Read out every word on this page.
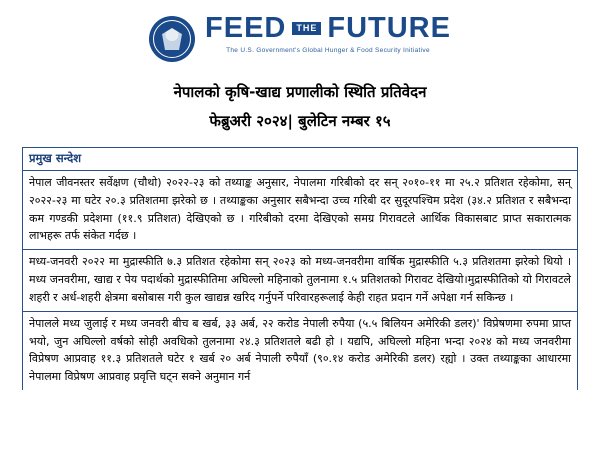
FEED	THE FUTURE
The U.S. Government's Global Hunger & Food Security Initiative
नेपालको कृषि-खाद्य प्रणालीको स्थिति प्रतिवेदन
फेब्रुअरी २०२४| बुलेटिन नम्बर १५
प्रमुख सन्देश
नेपाल जीवनस्तर सर्वेक्षण (चौथो) २०२२-२३ को तथ्याङ्क अनुसार, नेपालमा गरिबीको दर सन् २०१०-११ मा २५.२ प्रतिशत रहेकोमा, सन् २०२२-२३ मा घटेर २०.३ प्रतिशतमा झरेको छ । तथ्याङ्कका अनुसार सबैभन्दा उच्च गरिबी दर सुदूरपश्चिम प्रदेश (३४.२ प्रतिशत र सबैभन्दा कम गण्डकी प्रदेशमा (११.९ प्रतिशत) देखिएको छ । गरिबीको दरमा देखिएको समग्र गिरावटले आर्थिक विकासबाट प्राप्त सकारात्मक लाभहरू तर्फ संकेत गर्दछ ।
मध्य-जनवरी २०२२ मा मुद्रास्फीति ७.३ प्रतिशत रहेकोमा सन् २०२३ को मध्य-जनवरीमा वार्षिक मुद्रास्फीति ५.३ प्रतिशतमा झरेको थियो । मध्य जनवरीमा, खाद्य र पेय पदार्थको मुद्रास्फीतिमा अघिल्लो महिनाको तुलनामा १.५ प्रतिशतको गिरावट देखियो।मुद्रास्फीतिको यो गिरावटले शहरी र अर्ध-शहरी क्षेत्रमा बसोबास गरी कुल खाद्यन्न खरिद गर्नुपर्ने परिवारहरूलाई केही राहत प्रदान गर्ने अपेक्षा गर्न सकिन्छ ।
नेपालले मध्य जुलाई र मध्य जनवरी बीच ब खर्ब, ३३ अर्ब, २२ करोड नेपाली रुपैया (५.५ बिलियन अमेरिकी डलर)' विप्रेषणमा रुपमा प्राप्त भयो, जुन अघिल्लो वर्षको सोही अवधिको तुलनामा २४.३ प्रतिशतले बढी हो । यद्यपि, अघिल्लो महिना भन्दा २०२४ को मध्य जनवरीमा विप्रेषण आप्रवाह ११.३ प्रतिशतले घटेर १ खर्ब २० अर्ब नेपाली रुपैयाँ (९०.१४ करोड अमेरिकी डलर) रह्यो । उक्त तथ्याङ्कका आधारमा नेपालमा विप्रेषण आप्रवाह प्रवृत्ति घट्न सक्ने अनुमान गर्न
